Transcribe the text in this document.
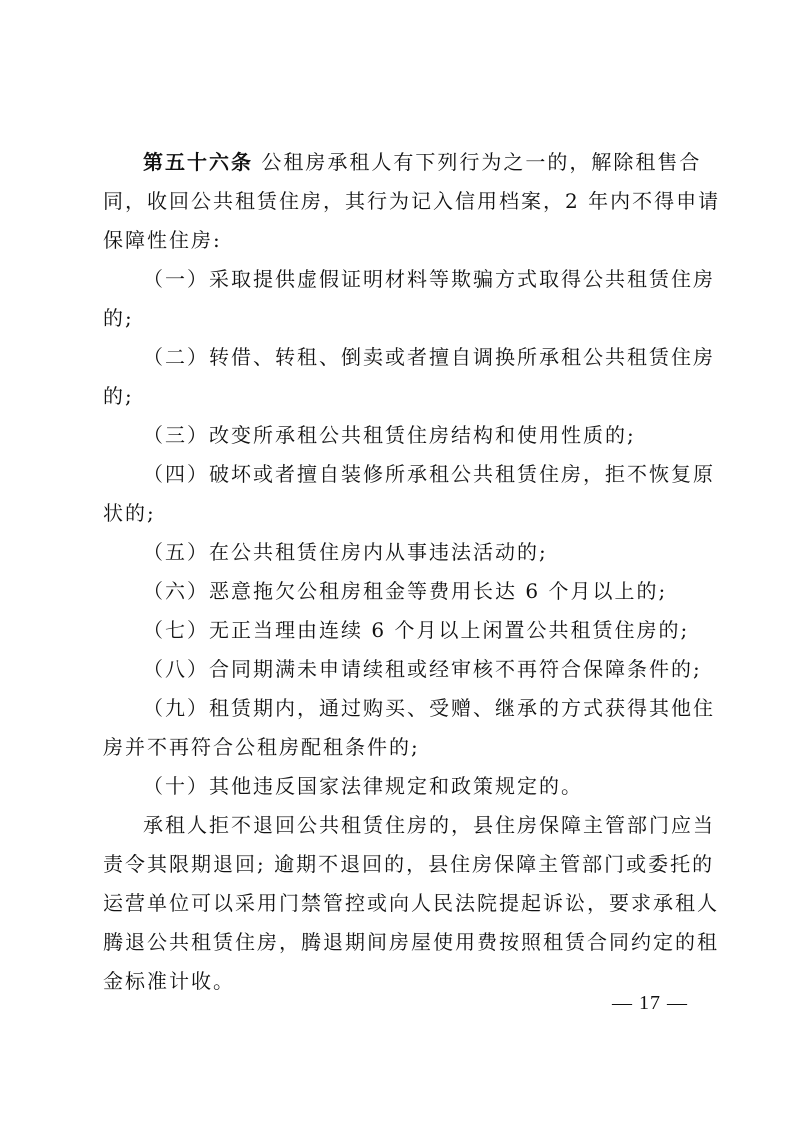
第五十六条 公租房承租人有下列行为之一的，解除租售合
同，收回公共租赁住房，其行为记入信用档案，2 年内不得申请
保障性住房:
（一）采取提供虚假证明材料等欺骗方式取得公共租赁住房
的;
（二）转借、转租、倒卖或者擅自调换所承租公共租赁住房
的;
（三）改变所承租公共租赁住房结构和使用性质的;
（四）破坏或者擅自装修所承租公共租赁住房，拒不恢复原
状的;
（五）在公共租赁住房内从事违法活动的;
（六）恶意拖欠公租房租金等费用长达 6 个月以上的;
（七）无正当理由连续 6 个月以上闲置公共租赁住房的;
（八）合同期满未申请续租或经审核不再符合保障条件的;
（九）租赁期内，通过购买、受赠、继承的方式获得其他住
房并不再符合公租房配租条件的;
（十）其他违反国家法律规定和政策规定的。
承租人拒不退回公共租赁住房的，县住房保障主管部门应当
责令其限期退回; 逾期不退回的，县住房保障主管部门或委托的
运营单位可以采用门禁管控或向人民法院提起诉讼，要求承租人
腾退公共租赁住房，腾退期间房屋使用费按照租赁合同约定的租
金标准计收。
— 17 —
